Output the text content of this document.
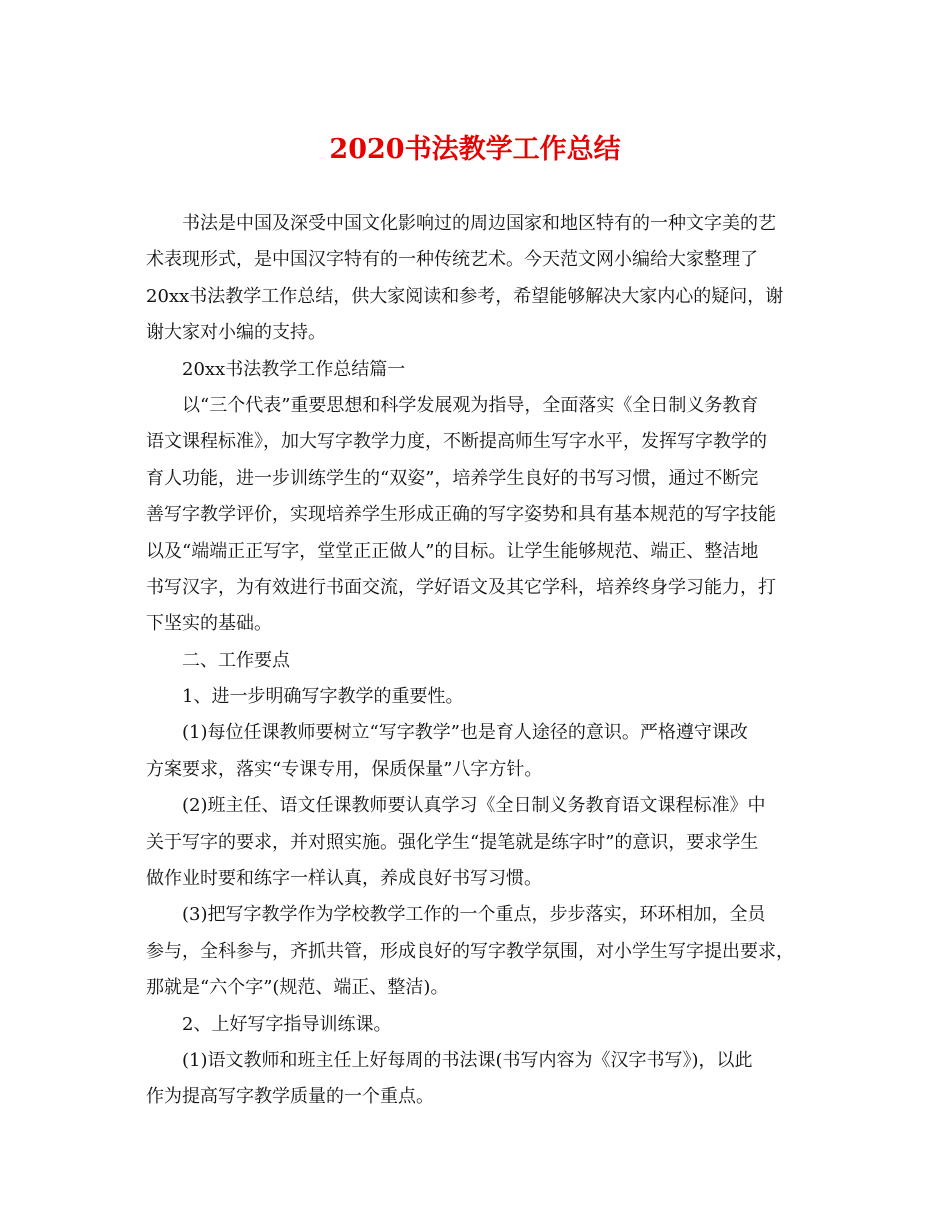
2020书法教学工作总结
书法是中国及深受中国文化影响过的周边国家和地区特有的一种文字美的艺
术表现形式，是中国汉字特有的一种传统艺术。今天范文网小编给大家整理了
20xx书法教学工作总结，供大家阅读和参考，希望能够解决大家内心的疑问，谢
谢大家对小编的支持。
20xx书法教学工作总结篇一
以“三个代表”重要思想和科学发展观为指导，全面落实《全日制义务教育
语文课程标准》，加大写字教学力度，不断提高师生写字水平，发挥写字教学的
育人功能，进一步训练学生的“双姿”，培养学生良好的书写习惯，通过不断完
善写字教学评价，实现培养学生形成正确的写字姿势和具有基本规范的写字技能
以及“端端正正写字，堂堂正正做人”的目标。让学生能够规范、端正、整洁地
书写汉字，为有效进行书面交流，学好语文及其它学科，培养终身学习能力，打
下坚实的基础。
二、工作要点
1、进一步明确写字教学的重要性。
(1)每位任课教师要树立“写字教学”也是育人途径的意识。严格遵守课改
方案要求，落实“专课专用，保质保量”八字方针。
(2)班主任、语文任课教师要认真学习《全日制义务教育语文课程标准》中
关于写字的要求，并对照实施。强化学生“提笔就是练字时”的意识，要求学生
做作业时要和练字一样认真，养成良好书写习惯。
(3)把写字教学作为学校教学工作的一个重点，步步落实，环环相加，全员
参与，全科参与，齐抓共管，形成良好的写字教学氛围，对小学生写字提出要求，
那就是“六个字”(规范、端正、整洁)。
2、上好写字指导训练课。
(1)语文教师和班主任上好每周的书法课(书写内容为《汉字书写》)，以此
作为提高写字教学质量的一个重点。
